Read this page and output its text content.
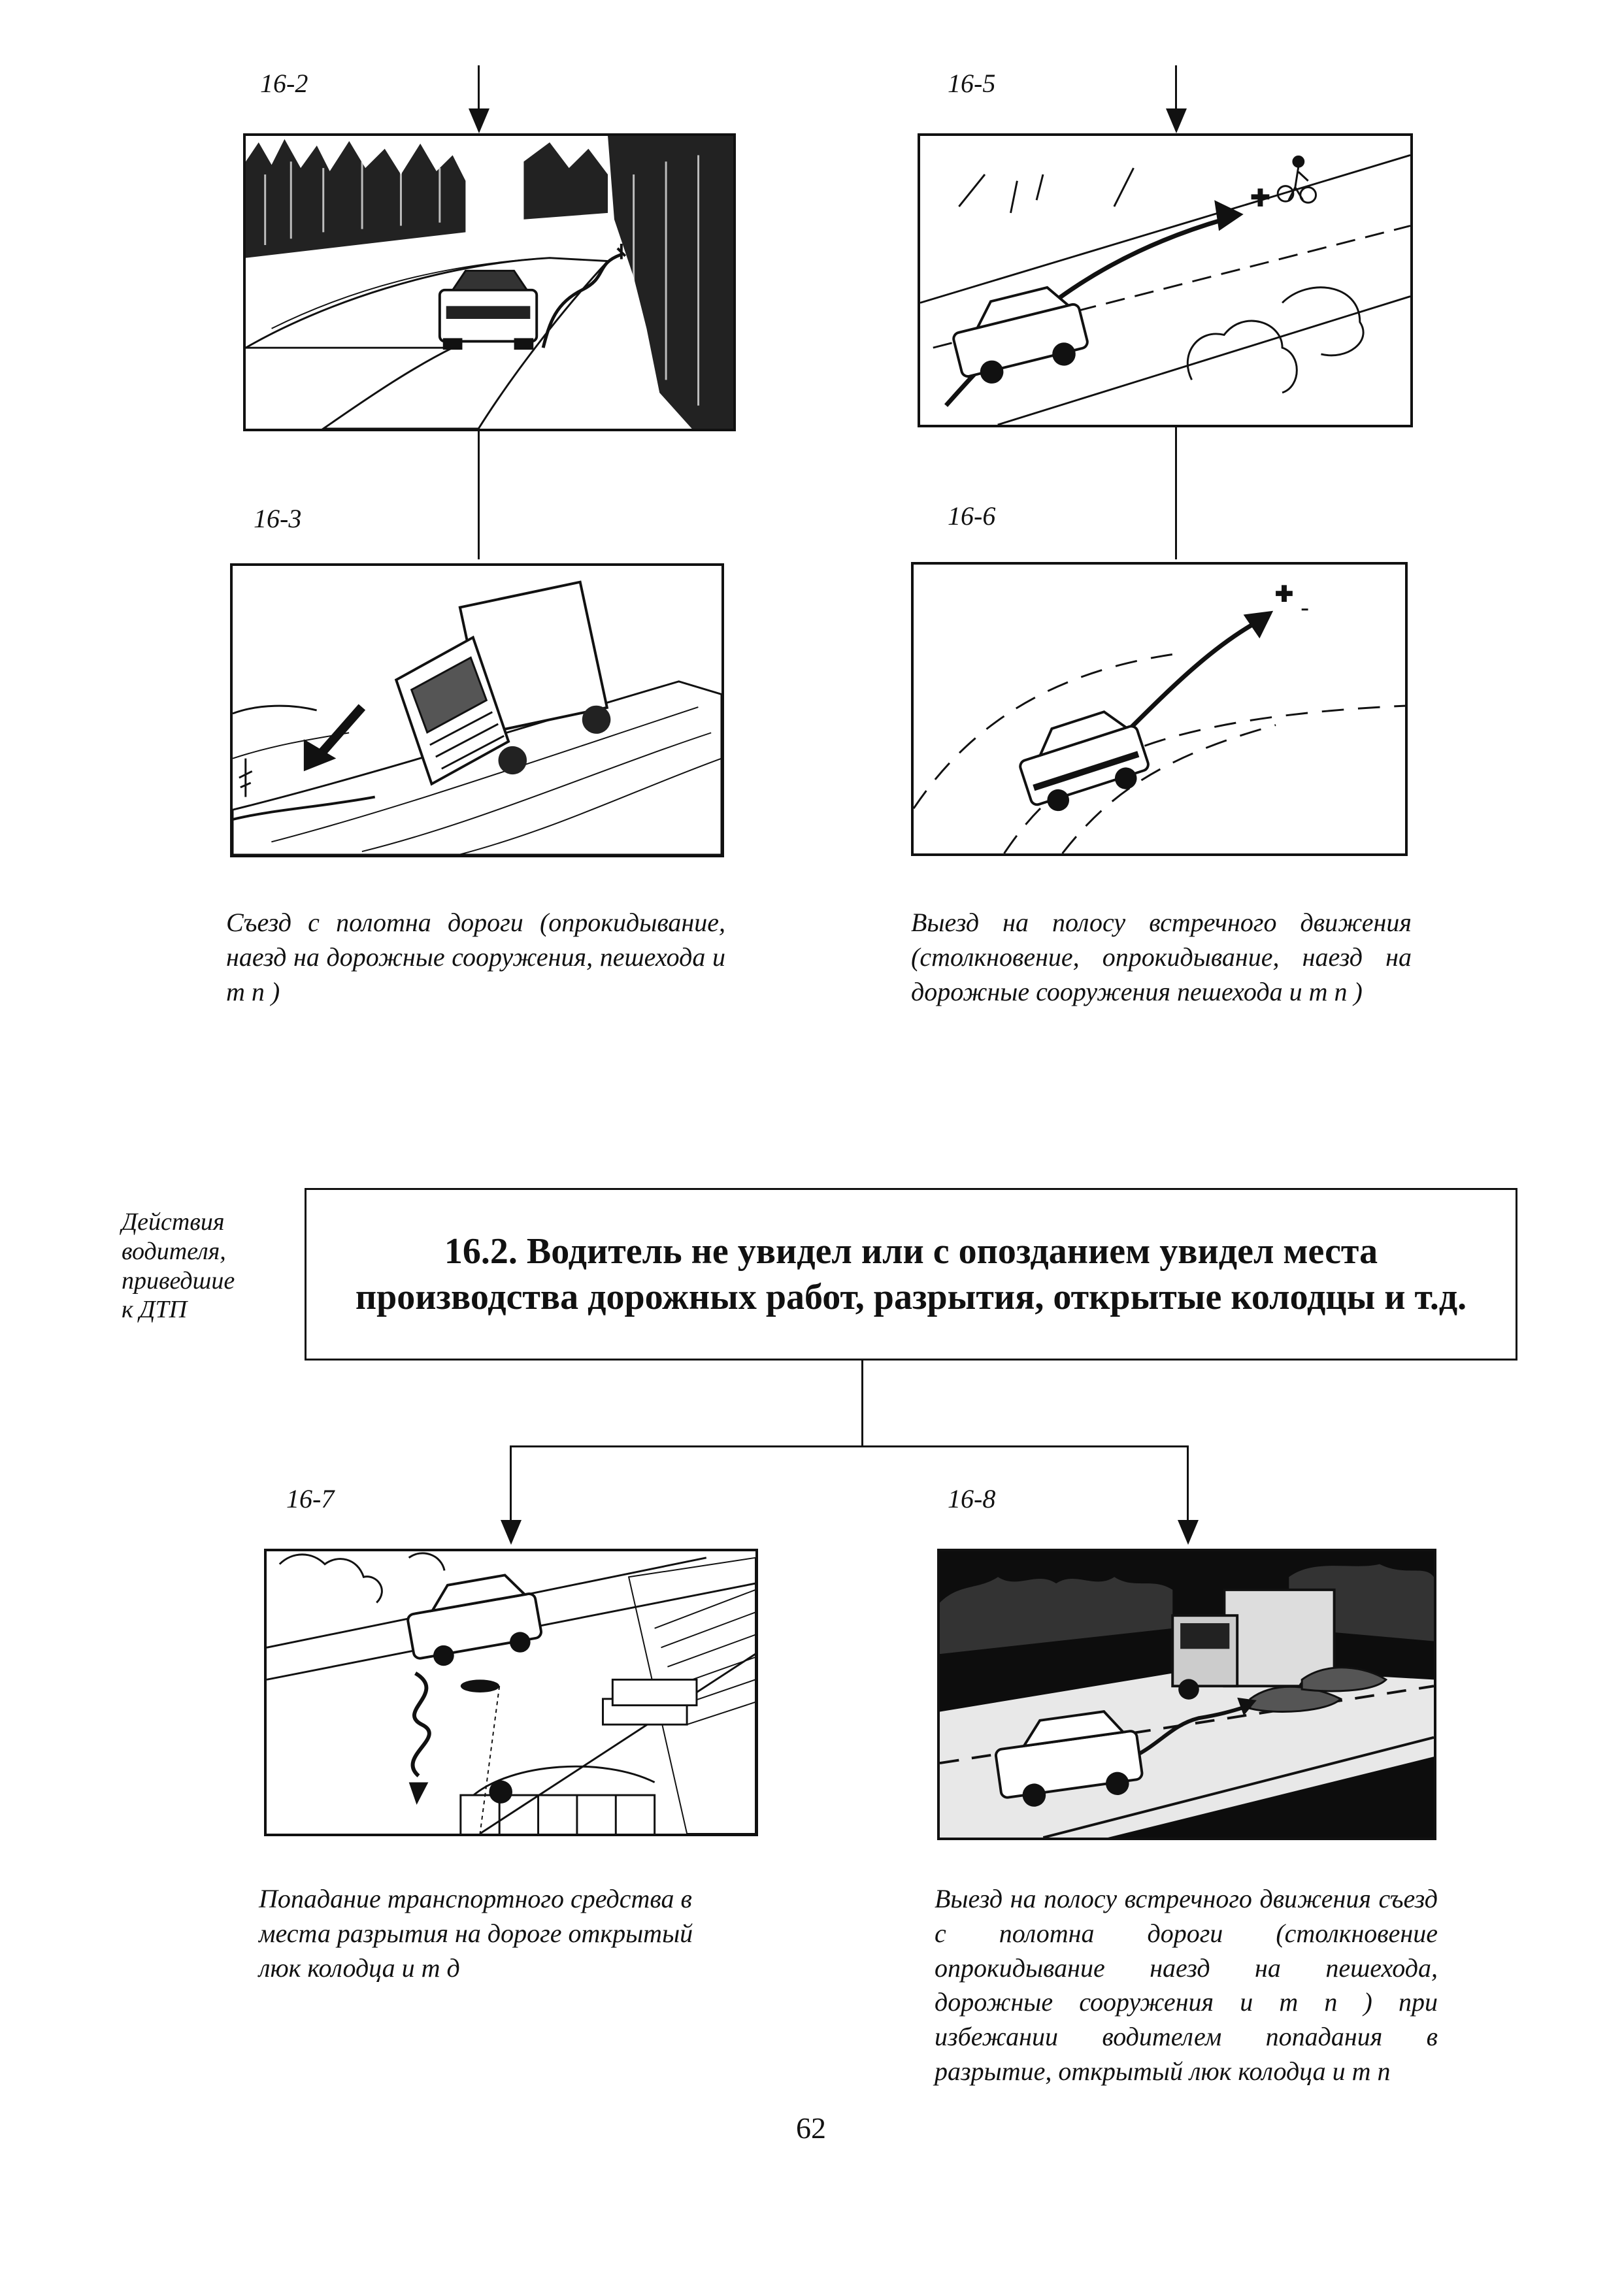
16-2
16-3
Съезд с полотна дороги (опрокидывание, наезд на дорожные сооружения, пешехода и т п )
16-5
16-6
Выезд на полосу встречного движения (столкновение, опрокидывание, наезд на дорожные сооружения пешехода и т п )
Действия
водителя,
приведшие
к ДТП
16.2. Водитель не увидел или с опозданием увидел места
производства дорожных работ, разрытия, открытые колодцы и т.д.
16-7
Попадание транспортного средства в места разрытия на дороге открытый люк колодца и т д
16-8
Выезд на полосу встречного движения съезд с полотна дороги (столкновение опрокидывание наезд на пешехода, дорожные сооружения и т п ) при избежании водителем попадания в разрытие, открытый люк колодца и т п
62
